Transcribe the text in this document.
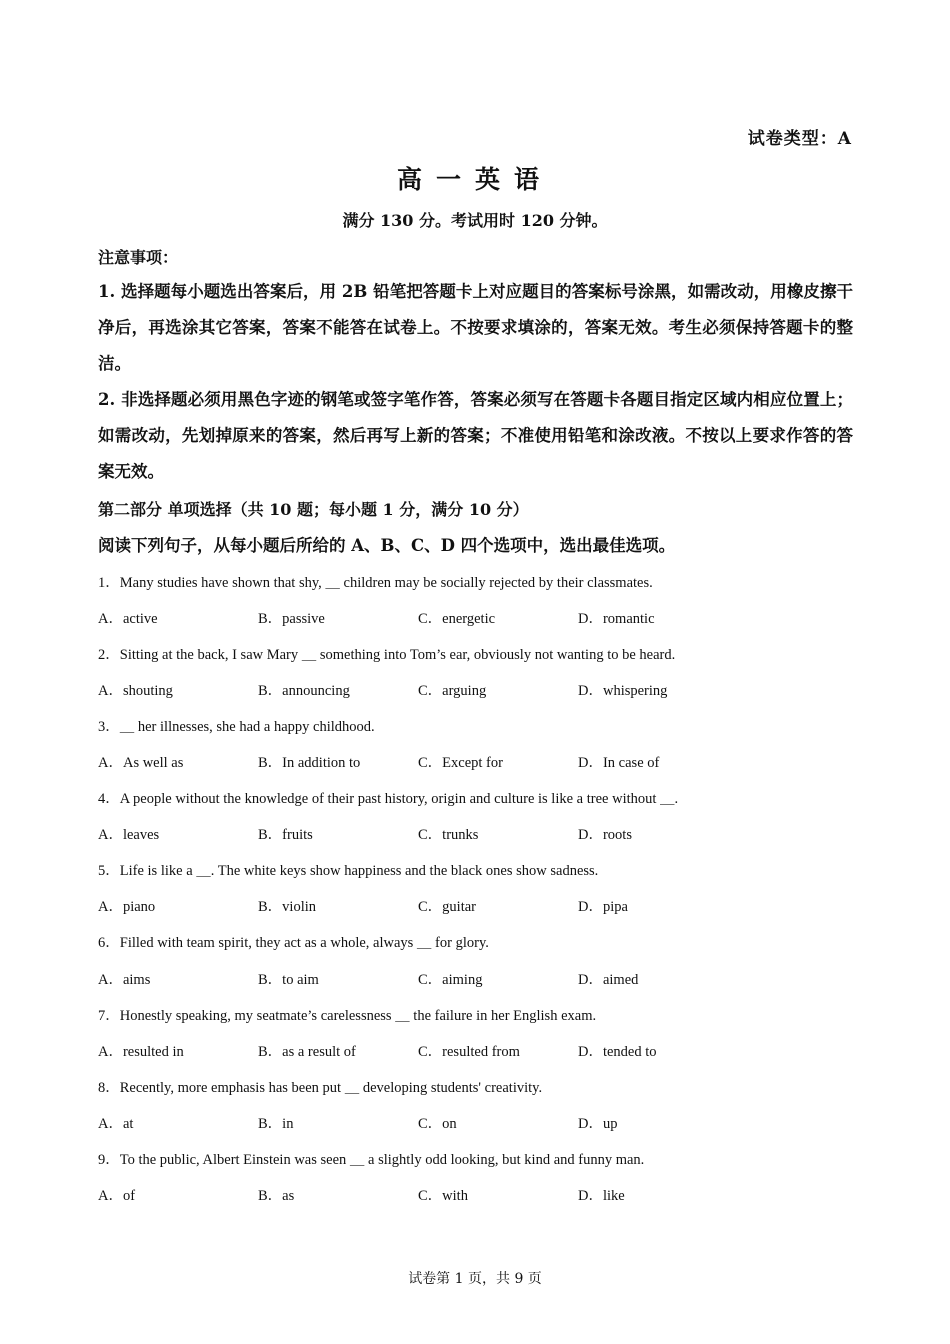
试卷类型：A
高一英语
满分 130 分。考试用时 120 分钟。
注意事项：
1. 选择题每小题选出答案后，用 2B 铅笔把答题卡上对应题目的答案标号涂黑，如需改动，用橡皮擦干净后，再选涂其它答案，答案不能答在试卷上。不按要求填涂的，答案无效。考生必须保持答题卡的整洁。
2. 非选择题必须用黑色字迹的钢笔或签字笔作答，答案必须写在答题卡各题目指定区域内相应位置上；如需改动，先划掉原来的答案，然后再写上新的答案；不准使用铅笔和涂改液。不按以上要求作答的答案无效。
第二部分 单项选择（共 10 题；每小题 1 分，满分 10 分）
阅读下列句子，从每小题后所给的 A、B、C、D 四个选项中，选出最佳选项。
1．Many studies have shown that shy, ＿ children may be socially rejected by their classmates.
A．active	B．passive	C．energetic	D．romantic
2．Sitting at the back, I saw Mary ＿ something into Tom’s ear, obviously not wanting to be heard.
A．shouting	B．announcing	C．arguing	D．whispering
3．＿ her illnesses, she had a happy childhood.
A．As well as	B．In addition to	C．Except for	D．In case of
4．A people without the knowledge of their past history, origin and culture is like a tree without ＿.
A．leaves	B．fruits	C．trunks	D．roots
5．Life is like a ＿. The white keys show happiness and the black ones show sadness.
A．piano	B．violin	C．guitar	D．pipa
6．Filled with team spirit, they act as a whole, always ＿ for glory.
A．aims	B．to aim	C．aiming	D．aimed
7．Honestly speaking, my seatmate’s carelessness ＿ the failure in her English exam.
A．resulted in	B．as a result of	C．resulted from	D．tended to
8．Recently, more emphasis has been put ＿ developing students' creativity.
A．at	B．in	C．on	D．up
9．To the public, Albert Einstein was seen ＿ a slightly odd looking, but kind and funny man.
A．of	B．as	C．with	D．like
试卷第 1 页，共 9 页
